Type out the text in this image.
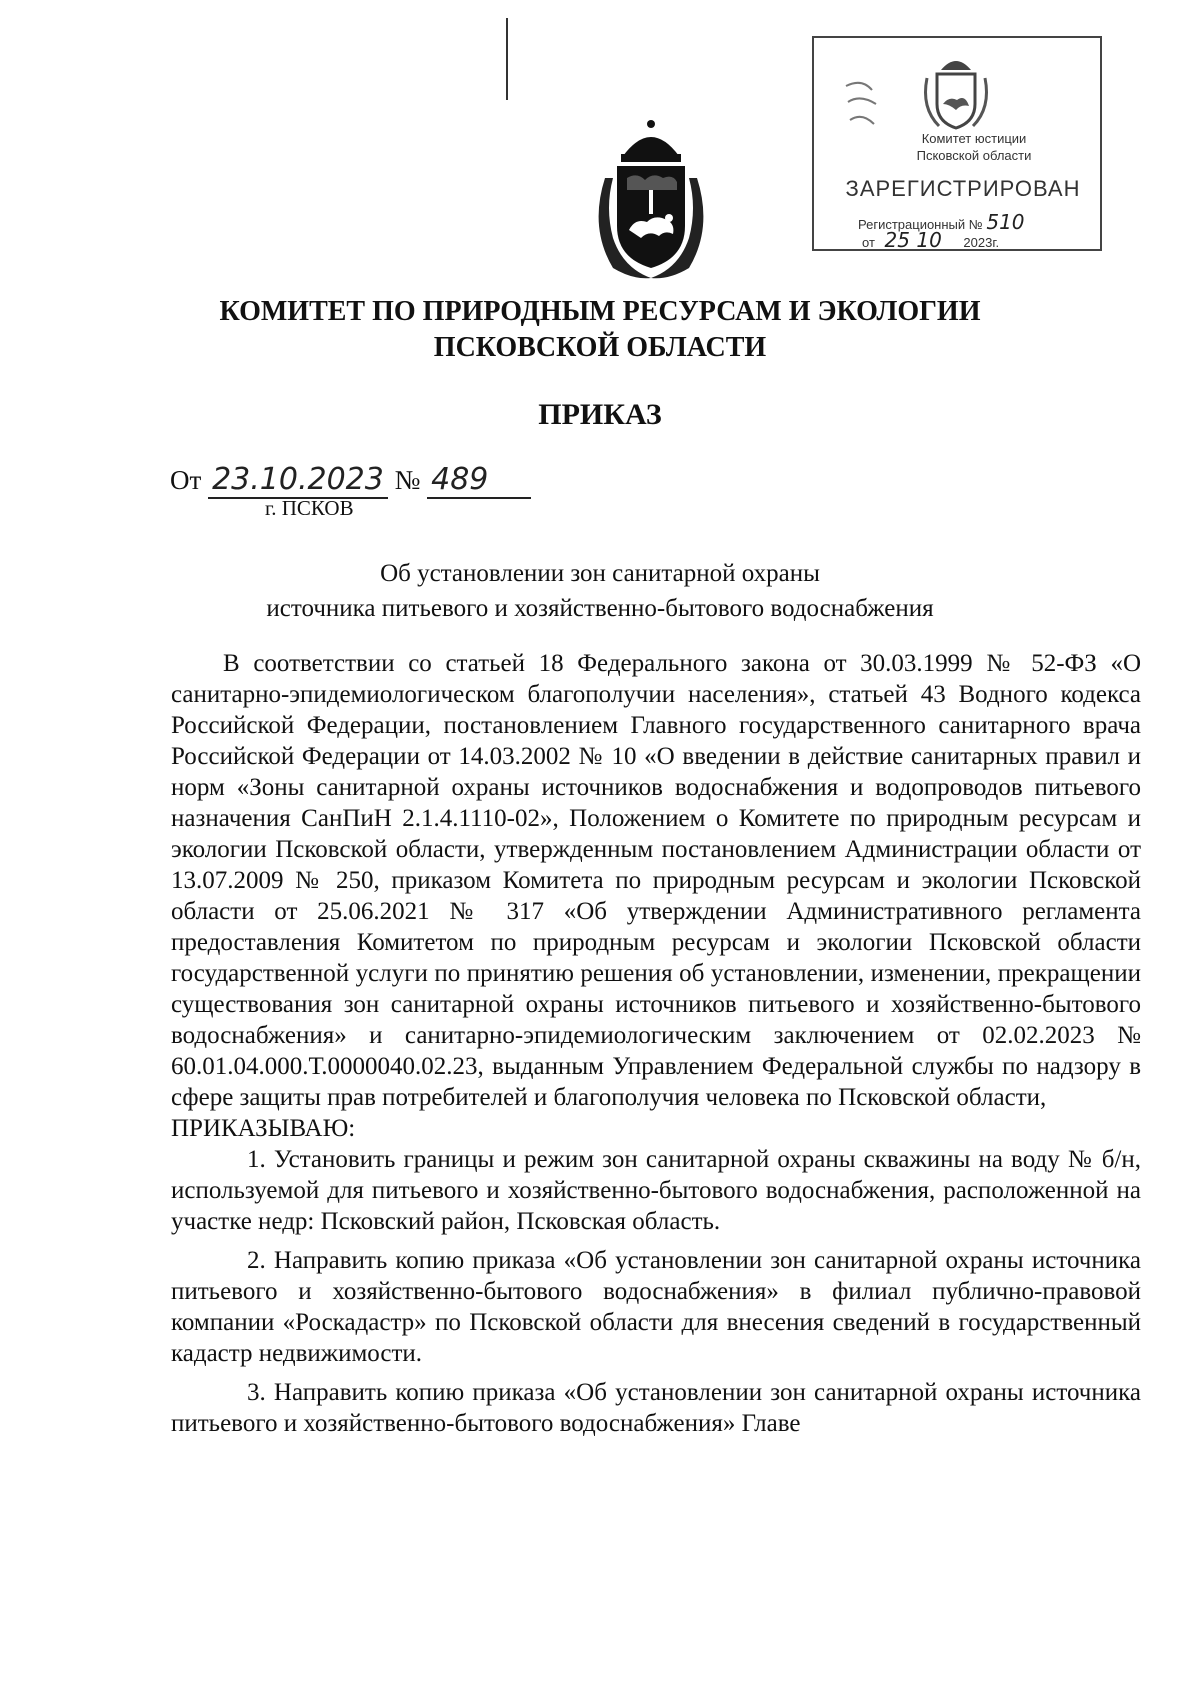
Комитет юстиции
Псковской области
ЗАРЕГИСТРИРОВАН
Регистрационный № 510
от 25 10 2023г.
КОМИТЕТ ПО ПРИРОДНЫМ РЕСУРСАМ И ЭКОЛОГИИ
ПСКОВСКОЙ ОБЛАСТИ
ПРИКАЗ
От 23.10.2023 № 489
г. ПСКОВ
Об установлении зон санитарной охраны
источника питьевого и хозяйственно-бытового водоснабжения

В соответствии со статьей 18 Федерального закона от 30.03.1999 № 52-ФЗ «О санитарно-эпидемиологическом благополучии населения», статьей 43 Водного кодекса Российской Федерации, постановлением Главного государственного санитарного врача Российской Федерации от 14.03.2002 № 10 «О введении в действие санитарных правил и норм «Зоны санитарной охраны источников водоснабжения и водопроводов питьевого назначения СанПиН 2.1.4.1110-02», Положением о Комитете по природным ресурсам и экологии Псковской области, утвержденным постановлением Администрации области от 13.07.2009 № 250, приказом Комитета по природным ресурсам и экологии Псковской области от 25.06.2021 № 317 «Об утверждении Административного регламента предоставления Комитетом по природным ресурсам и экологии Псковской области государственной услуги по принятию решения об установлении, изменении, прекращении существования зон санитарной охраны источников питьевого и хозяйственно-бытового водоснабжения» и санитарно-эпидемиологическим заключением от 02.02.2023 № 60.01.04.000.Т.0000040.02.23, выданным Управлением Федеральной службы по надзору в сфере защиты прав потребителей и благополучия человека по Псковской области,

ПРИКАЗЫВАЮ:

1. Установить границы и режим зон санитарной охраны скважины на воду № б/н, используемой для питьевого и хозяйственно-бытового водоснабжения, расположенной на участке недр: Псковский район, Псковская область.

2. Направить копию приказа «Об установлении зон санитарной охраны источника питьевого и хозяйственно-бытового водоснабжения» в филиал публично-правовой компании «Роскадастр» по Псковской области для внесения сведений в государственный кадастр недвижимости.

3. Направить копию приказа «Об установлении зон санитарной охраны источника питьевого и хозяйственно-бытового водоснабжения» Главе
